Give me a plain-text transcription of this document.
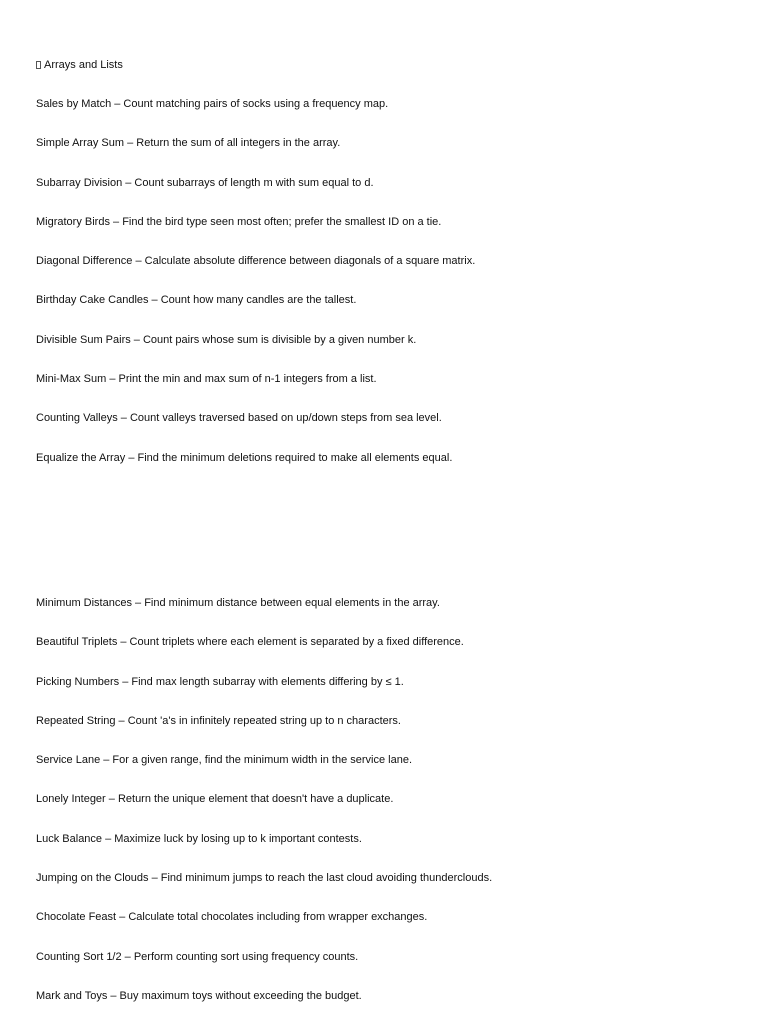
Arrays and Lists
Sales by Match – Count matching pairs of socks using a frequency map.
Simple Array Sum – Return the sum of all integers in the array.
Subarray Division – Count subarrays of length m with sum equal to d.
Migratory Birds – Find the bird type seen most often; prefer the smallest ID on a tie.
Diagonal Difference – Calculate absolute difference between diagonals of a square matrix.
Birthday Cake Candles – Count how many candles are the tallest.
Divisible Sum Pairs – Count pairs whose sum is divisible by a given number k.
Mini-Max Sum – Print the min and max sum of n-1 integers from a list.
Counting Valleys – Count valleys traversed based on up/down steps from sea level.
Equalize the Array – Find the minimum deletions required to make all elements equal.
Minimum Distances – Find minimum distance between equal elements in the array.
Beautiful Triplets – Count triplets where each element is separated by a fixed difference.
Picking Numbers – Find max length subarray with elements differing by ≤ 1.
Repeated String – Count 'a's in infinitely repeated string up to n characters.
Service Lane – For a given range, find the minimum width in the service lane.
Lonely Integer – Return the unique element that doesn't have a duplicate.
Luck Balance – Maximize luck by losing up to k important contests.
Jumping on the Clouds – Find minimum jumps to reach the last cloud avoiding thunderclouds.
Chocolate Feast – Calculate total chocolates including from wrapper exchanges.
Counting Sort 1/2 – Perform counting sort using frequency counts.
Mark and Toys – Buy maximum toys without exceeding the budget.
